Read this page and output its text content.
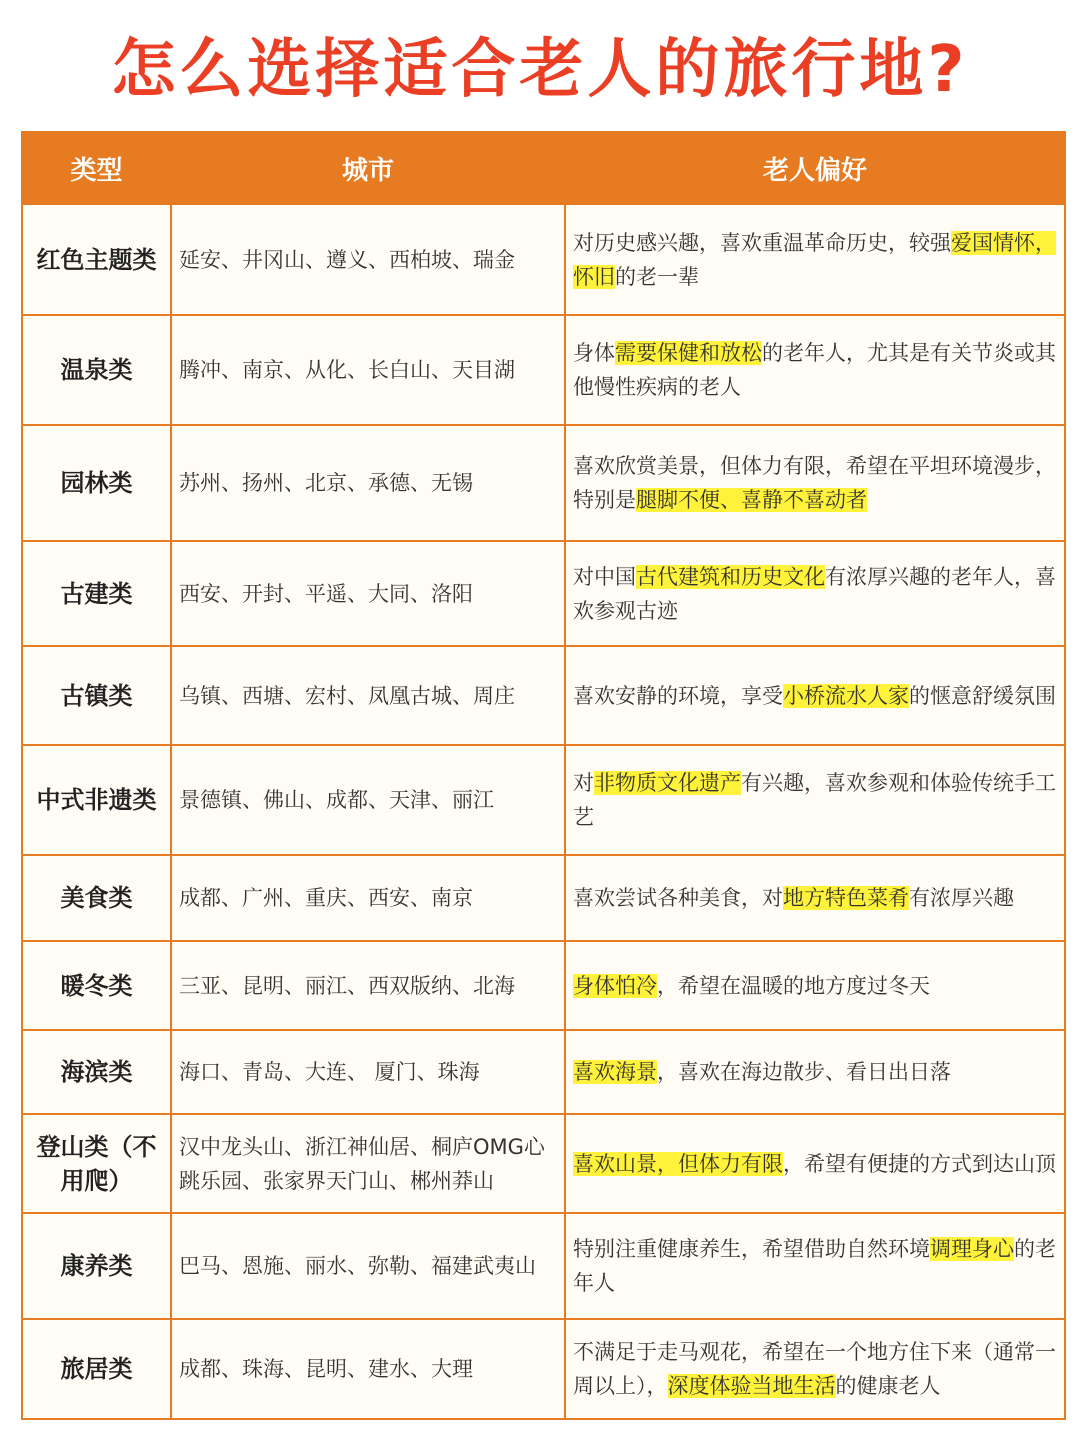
怎么选择适合老人的旅行地?
类型	城市	老人偏好
红色主题类	延安、井冈山、遵义、西柏坡、瑞金	对历史感兴趣，喜欢重温革命历史，较强爱国情怀，怀旧的老一辈
温泉类	腾冲、南京、从化、长白山、天目湖	身体需要保健和放松的老年人，尤其是有关节炎或其他慢性疾病的老人
园林类	苏州、扬州、北京、承德、无锡	喜欢欣赏美景，但体力有限，希望在平坦环境漫步，特别是腿脚不便、喜静不喜动者
古建类	西安、开封、平遥、大同、洛阳	对中国古代建筑和历史文化有浓厚兴趣的老年人，喜欢参观古迹
古镇类	乌镇、西塘、宏村、凤凰古城、周庄	喜欢安静的环境，享受小桥流水人家的惬意舒缓氛围
中式非遗类	景德镇、佛山、成都、天津、丽江	对非物质文化遗产有兴趣，喜欢参观和体验传统手工艺
美食类	成都、广州、重庆、西安、南京	喜欢尝试各种美食，对地方特色菜肴有浓厚兴趣
暖冬类	三亚、昆明、丽江、西双版纳、北海	身体怕冷，希望在温暖的地方度过冬天
海滨类	海口、青岛、大连、 厦门、珠海	喜欢海景，喜欢在海边散步、看日出日落
登山类（不用爬）	汉中龙头山、浙江神仙居、桐庐OMG心跳乐园、张家界天门山、郴州莽山	喜欢山景，但体力有限，希望有便捷的方式到达山顶
康养类	巴马、恩施、丽水、弥勒、福建武夷山	特别注重健康养生，希望借助自然环境调理身心的老年人
旅居类	成都、珠海、昆明、建水、大理	不满足于走马观花，希望在一个地方住下来（通常一周以上），深度体验当地生活的健康老人
